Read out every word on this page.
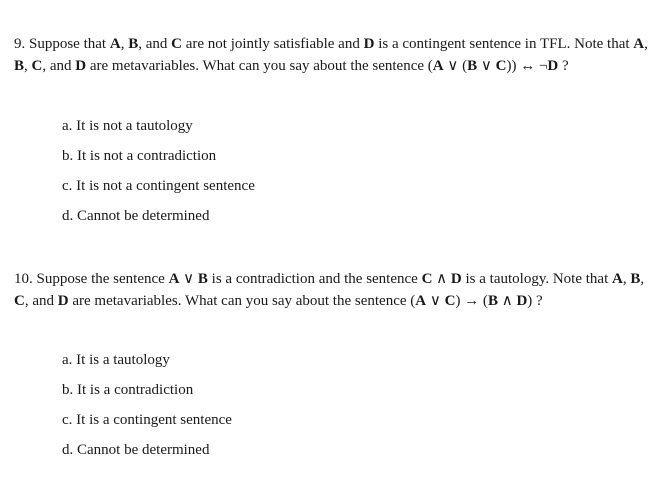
9. Suppose that A, B, and C are not jointly satisfiable and D is a contingent sentence in TFL. Note that A, B, C, and D are metavariables. What can you say about the sentence (A ∨ (B ∨ C)) ↔ ¬D ?

a. It is not a tautology
b. It is not a contradiction
c. It is not a contingent sentence
d. Cannot be determined

10. Suppose the sentence A ∨ B is a contradiction and the sentence C ∧ D is a tautology. Note that A, B, C, and D are metavariables. What can you say about the sentence (A ∨ C) → (B ∧ D) ?

a. It is a tautology
b. It is a contradiction
c. It is a contingent sentence
d. Cannot be determined
